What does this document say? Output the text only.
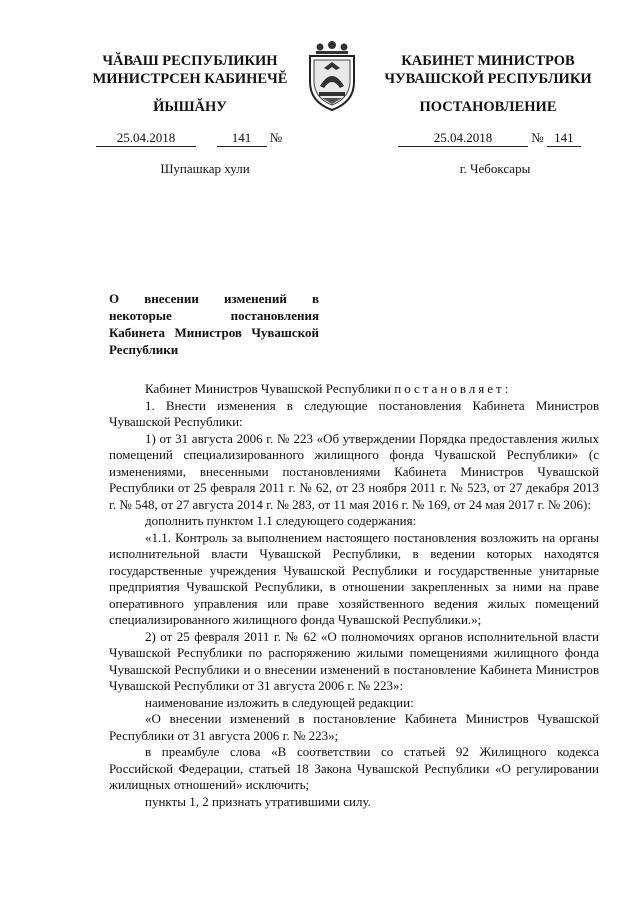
ЧĂВАШ РЕСПУБЛИКИН
МИНИСТРСЕН КАБИНЕЧĔ
ЙЫШĂНУ
КАБИНЕТ МИНИСТРОВ
ЧУВАШСКОЙ РЕСПУБЛИКИ
ПОСТАНОВЛЕНИЕ
25.04.2018	141 №	25.04.2018	№ 141
Шупашкар хули	г. Чебоксары
О внесении изменений в некоторые постановления Кабинета Министров Чувашской Республики

Кабинет Министров Чувашской Республики постановляет:

1. Внести изменения в следующие постановления Кабинета Министров Чувашской Республики:

1) от 31 августа 2006 г. № 223 «Об утверждении Порядка предоставления жилых помещений специализированного жилищного фонда Чувашской Республики» (с изменениями, внесенными постановлениями Кабинета Министров Чувашской Республики от 25 февраля 2011 г. № 62, от 23 ноября 2011 г. № 523, от 27 декабря 2013 г. № 548, от 27 августа 2014 г. № 283, от 11 мая 2016 г. № 169, от 24 мая 2017 г. № 206):

дополнить пунктом 1.1 следующего содержания:

«1.1. Контроль за выполнением настоящего постановления возложить на органы исполнительной власти Чувашской Республики, в ведении которых находятся государственные учреждения Чувашской Республики и государственные унитарные предприятия Чувашской Республики, в отношении закрепленных за ними на праве оперативного управления или праве хозяйственного ведения жилых помещений специализированного жилищного фонда Чувашской Республики.»;

2) от 25 февраля 2011 г. № 62 «О полномочиях органов исполнительной власти Чувашской Республики по распоряжению жилыми помещениями жилищного фонда Чувашской Республики и о внесении изменений в постановление Кабинета Министров Чувашской Республики от 31 августа 2006 г. № 223»:

наименование изложить в следующей редакции:

«О внесении изменений в постановление Кабинета Министров Чувашской Республики от 31 августа 2006 г. № 223»;

в преамбуле слова «В соответствии со статьей 92 Жилищного кодекса Российской Федерации, статьей 18 Закона Чувашской Республики «О регулировании жилищных отношений» исключить;

пункты 1, 2 признать утратившими силу.
